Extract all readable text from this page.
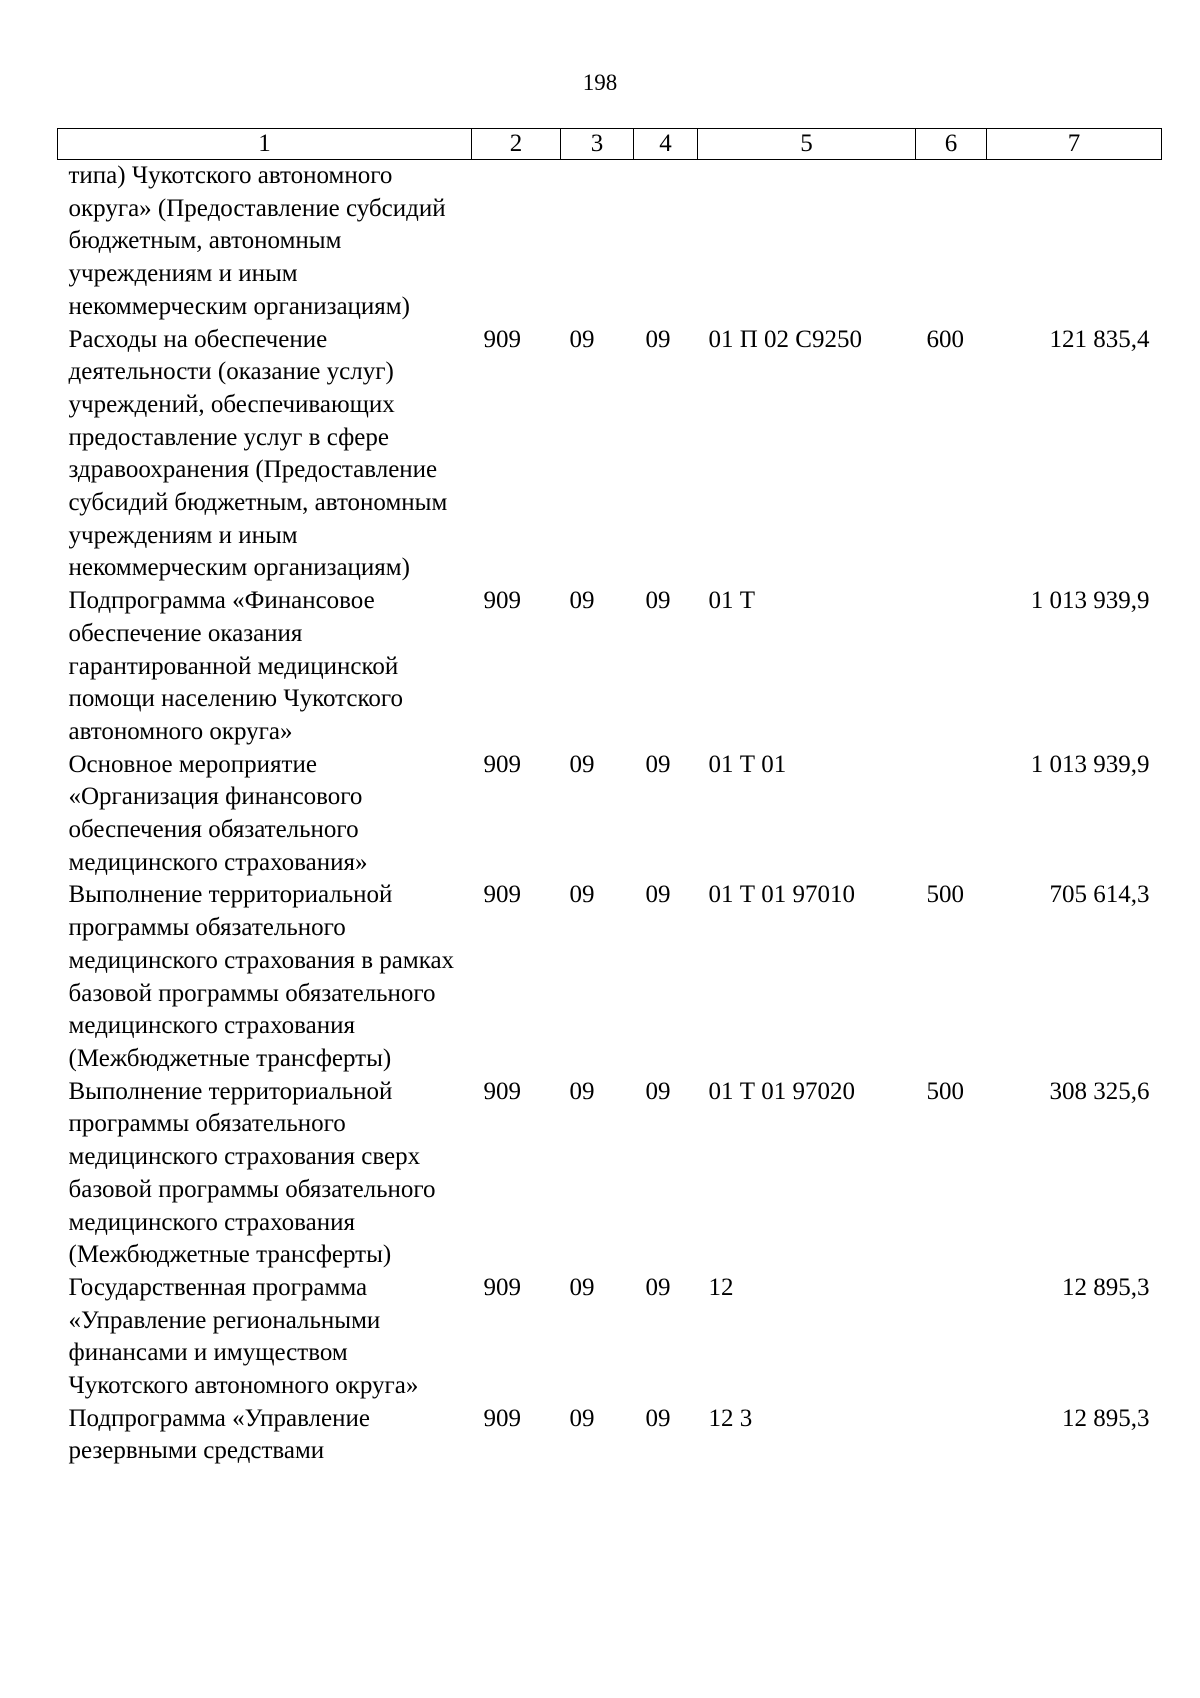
198
1	2	3	4	5	6	7
типа) Чукотского автономного округа» (Предоставление субсидий бюджетным, автономным учреждениям и иным некоммерческим организациям)						
Расходы на обеспечение деятельности (оказание услуг) учреждений, обеспечивающих предоставление услуг в сфере здравоохранения (Предоставление субсидий бюджетным, автономным учреждениям и иным некоммерческим организациям)	909	09	09	01 П 02 С9250	600	121 835,4
Подпрограмма «Финансовое обеспечение оказания гарантированной медицинской помощи населению Чукотского автономного округа»	909	09	09	01 Т		1 013 939,9
Основное мероприятие «Организация финансового обеспечения обязательного медицинского страхования»	909	09	09	01 Т 01		1 013 939,9
Выполнение территориальной программы обязательного медицинского страхования в рамках базовой программы обязательного медицинского страхования (Межбюджетные трансферты)	909	09	09	01 Т 01 97010	500	705 614,3
Выполнение территориальной программы обязательного медицинского страхования сверх базовой программы обязательного медицинского страхования (Межбюджетные трансферты)	909	09	09	01 Т 01 97020	500	308 325,6
Государственная программа «Управление региональными финансами и имуществом Чукотского автономного округа»	909	09	09	12		12 895,3
Подпрограмма «Управление резервными средствами	909	09	09	12 3		12 895,3
